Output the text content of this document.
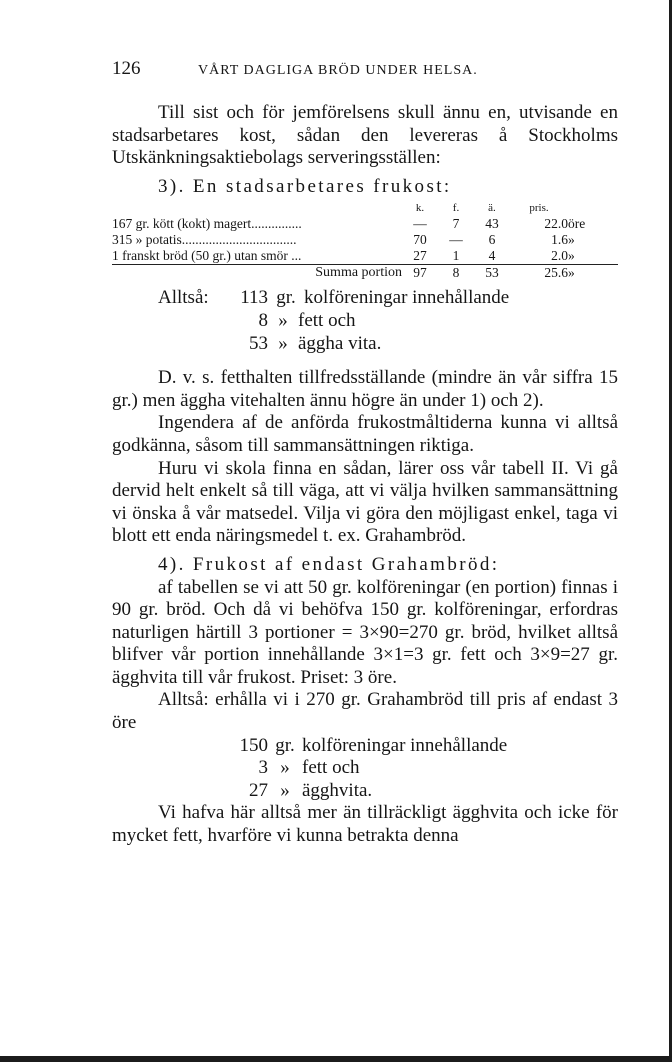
126	VÅRT DAGLIGA BRÖD UNDER HELSA.

Till sist och för jemförelsens skull ännu en, utvisande en stadsarbetares kost, sådan den levereras å Stockholms Utskänkningsaktiebolags serveringsställen:

3). En stadsarbetares frukost:

	k.	f.	ä.	pris.	
167 gr. kött (kokt) magert...............	—	7	43	22.0	öre
315 » potatis..................................	70	—	6	1.6	»
1 franskt bröd (50 gr.) utan smör ...	27	1	4	2.0	»
Summa portion	97	8	53	25.6	»
Alltså:	113 gr. kolföreningar innehållande
8 » fett och
53 » äggha vita.

D. v. s. fetthalten tillfredsställande (mindre än vår siffra 15 gr.) men äggha vitehalten ännu högre än under 1) och 2).

Ingendera af de anförda frukostmåltiderna kunna vi alltså godkänna, såsom till sammansättningen riktiga.

Huru vi skola finna en sådan, lärer oss vår tabell II. Vi gå dervid helt enkelt så till väga, att vi välja hvilken sammansättning vi önska å vår matsedel. Vilja vi göra den möjligast enkel, taga vi blott ett enda näringsmedel t. ex. Grahambröd.

4). Frukost af endast Grahambröd:

af tabellen se vi att 50 gr. kolföreningar (en portion) finnas i 90 gr. bröd. Och då vi behöfva 150 gr. kolföreningar, erfordras naturligen härtill 3 portioner = 3×90=270 gr. bröd, hvilket alltså blifver vår portion innehållande 3×1=3 gr. fett och 3×9=27 gr. ägghvita till vår frukost. Priset: 3 öre.

Alltså: erhålla vi i 270 gr. Grahambröd till pris af endast 3 öre

150 gr. kolföreningar innehållande
3 » fett och
27 » ägghvita.

Vi hafva här alltså mer än tillräckligt ägghvita och icke för mycket fett, hvarföre vi kunna betrakta denna
